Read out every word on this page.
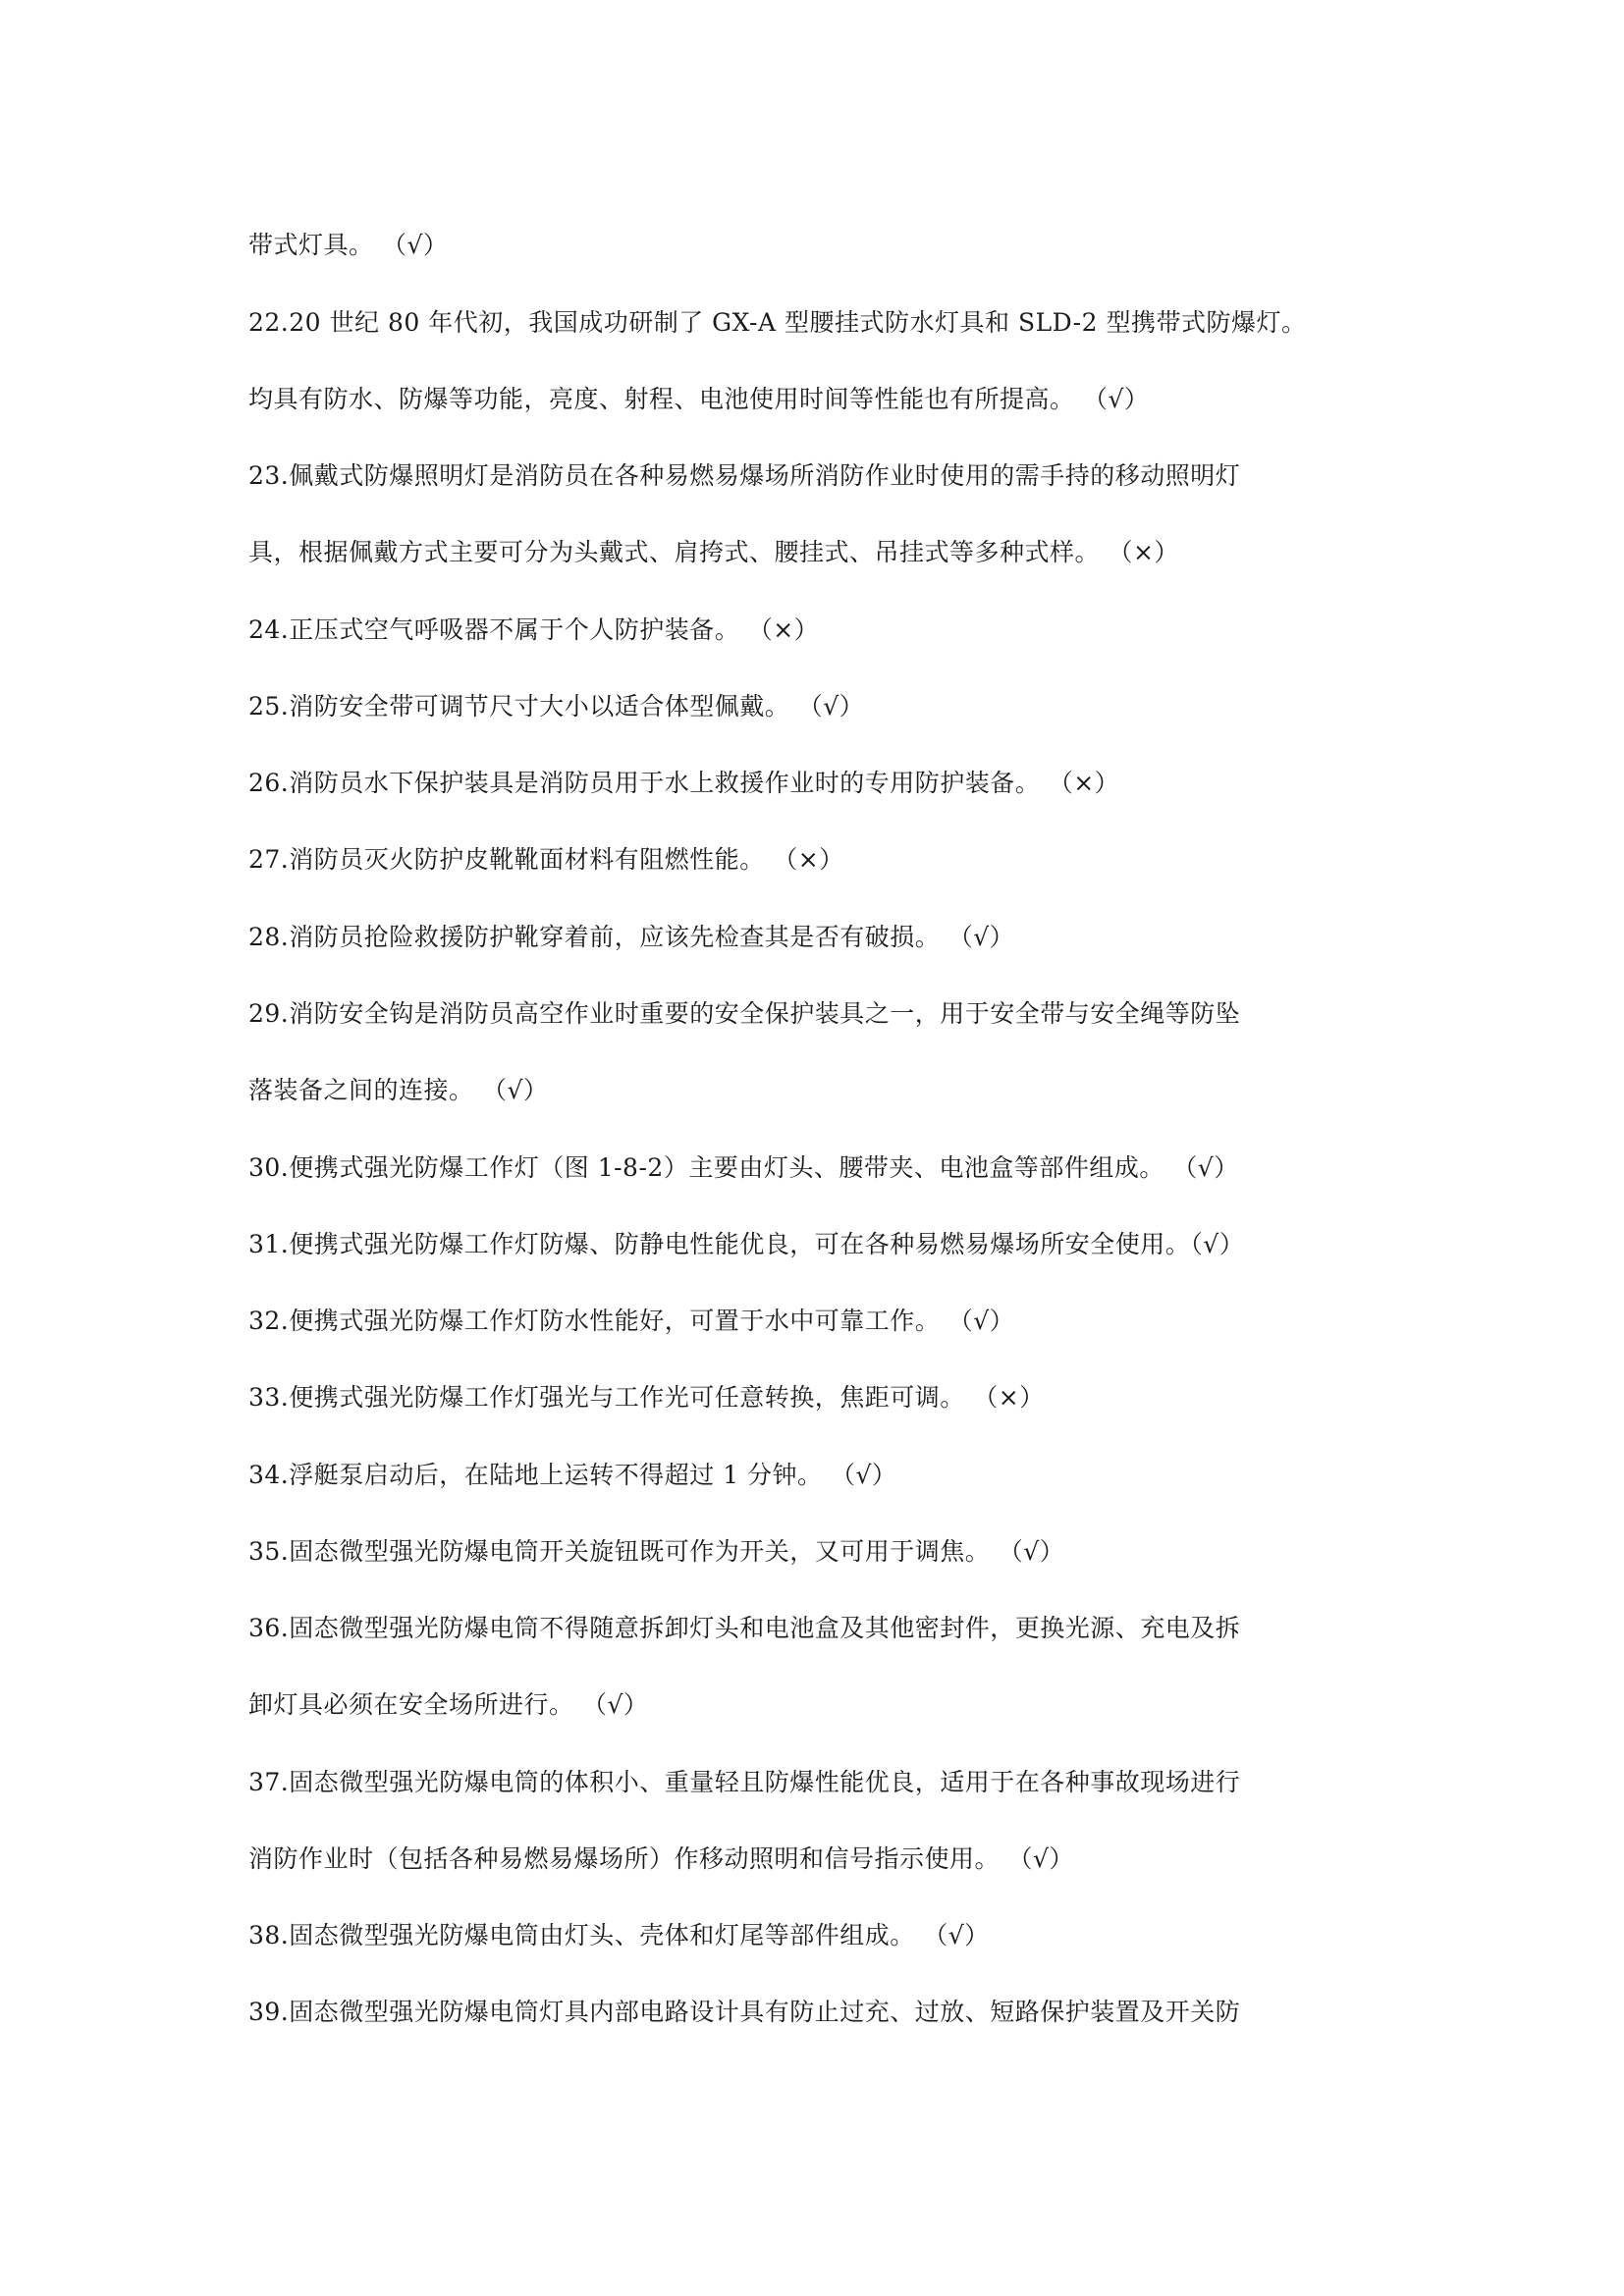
带式灯具。 （√）
22.20 世纪 80 年代初，我国成功研制了 GX-A 型腰挂式防水灯具和 SLD-2 型携带式防爆灯。
均具有防水、防爆等功能，亮度、射程、电池使用时间等性能也有所提高。 （√）
23.佩戴式防爆照明灯是消防员在各种易燃易爆场所消防作业时使用的需手持的移动照明灯
具，根据佩戴方式主要可分为头戴式、肩挎式、腰挂式、吊挂式等多种式样。 （×）
24.正压式空气呼吸器不属于个人防护装备。 （×）
25.消防安全带可调节尺寸大小以适合体型佩戴。 （√）
26.消防员水下保护装具是消防员用于水上救援作业时的专用防护装备。 （×）
27.消防员灭火防护皮靴靴面材料有阻燃性能。 （×）
28.消防员抢险救援防护靴穿着前，应该先检查其是否有破损。 （√）
29.消防安全钩是消防员高空作业时重要的安全保护装具之一，用于安全带与安全绳等防坠
落装备之间的连接。 （√）
30.便携式强光防爆工作灯（图 1-8-2）主要由灯头、腰带夹、电池盒等部件组成。 （√）
31.便携式强光防爆工作灯防爆、防静电性能优良，可在各种易燃易爆场所安全使用。（√）
32.便携式强光防爆工作灯防水性能好，可置于水中可靠工作。 （√）
33.便携式强光防爆工作灯强光与工作光可任意转换，焦距可调。 （×）
34.浮艇泵启动后，在陆地上运转不得超过 1 分钟。 （√）
35.固态微型强光防爆电筒开关旋钮既可作为开关，又可用于调焦。 （√）
36.固态微型强光防爆电筒不得随意拆卸灯头和电池盒及其他密封件，更换光源、充电及拆
卸灯具必须在安全场所进行。 （√）
37.固态微型强光防爆电筒的体积小、重量轻且防爆性能优良，适用于在各种事故现场进行
消防作业时（包括各种易燃易爆场所）作移动照明和信号指示使用。 （√）
38.固态微型强光防爆电筒由灯头、壳体和灯尾等部件组成。 （√）
39.固态微型强光防爆电筒灯具内部电路设计具有防止过充、过放、短路保护装置及开关防
